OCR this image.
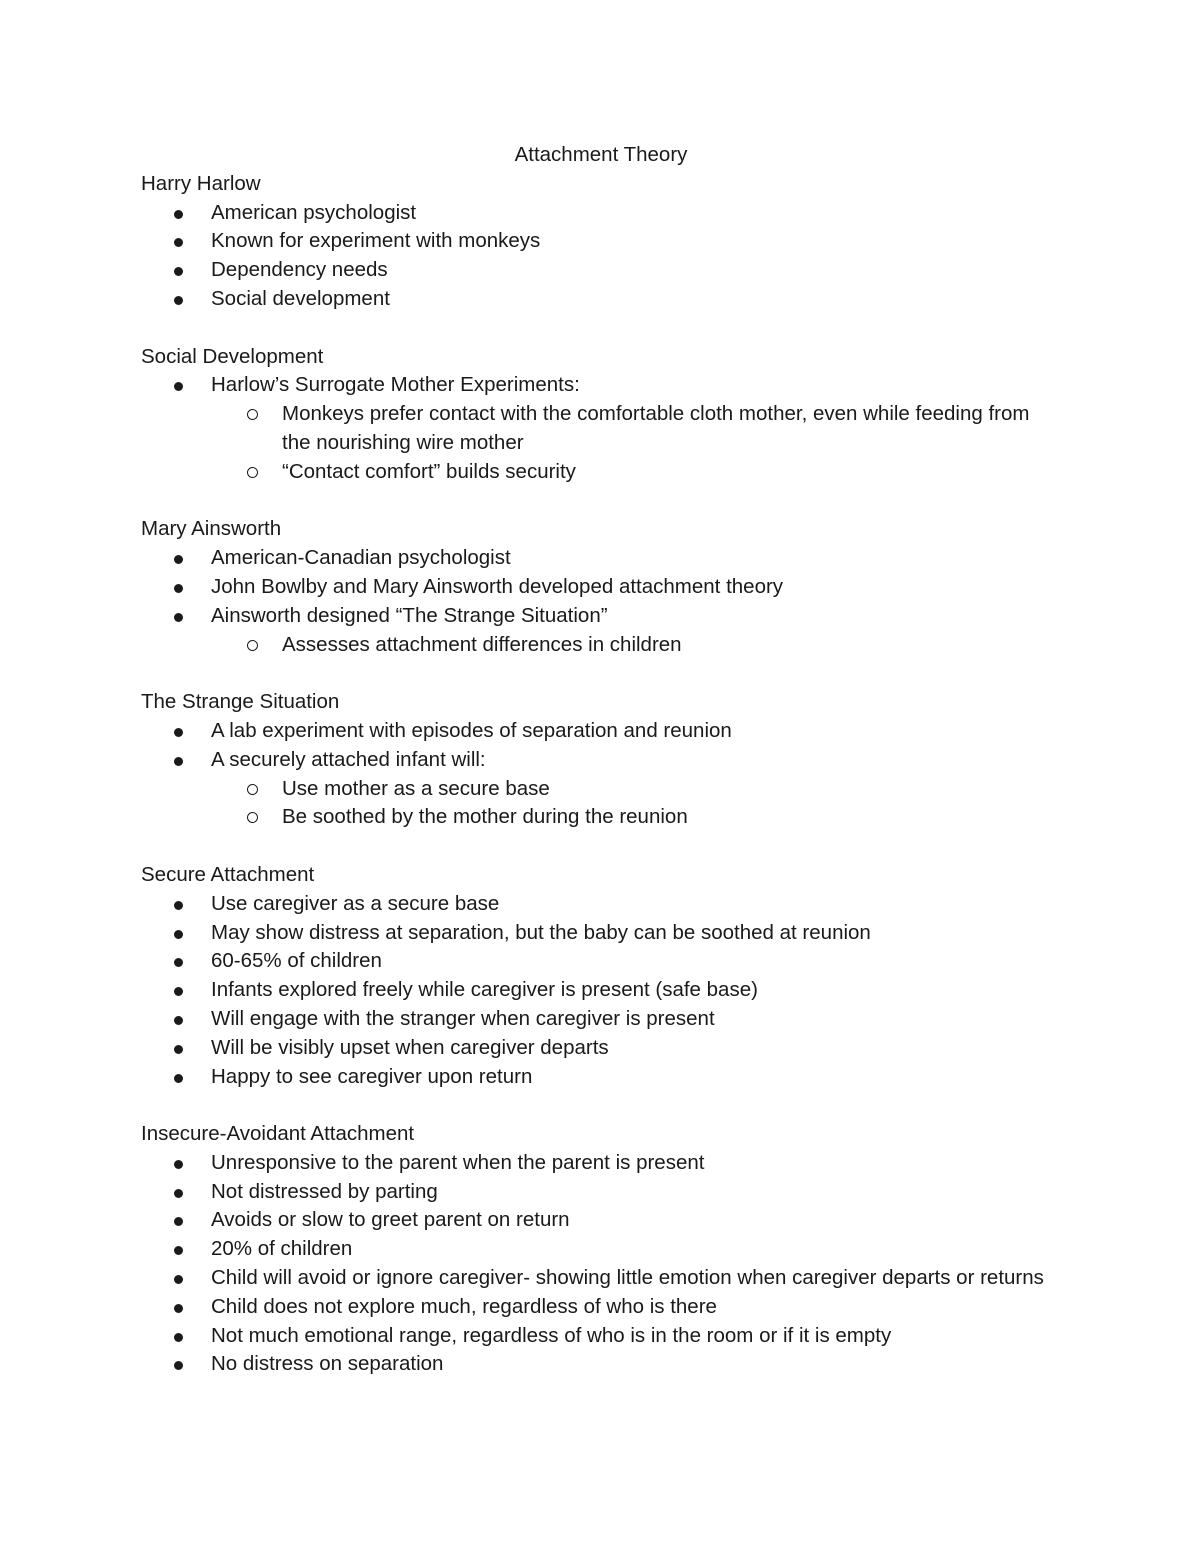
Attachment Theory
Harry Harlow
American psychologist
Known for experiment with monkeys
Dependency needs
Social development
Social Development
Harlow’s Surrogate Mother Experiments:
Monkeys prefer contact with the comfortable cloth mother, even while feeding from the nourishing wire mother
“Contact comfort” builds security
Mary Ainsworth
American-Canadian psychologist
John Bowlby and Mary Ainsworth developed attachment theory
Ainsworth designed “The Strange Situation”
Assesses attachment differences in children
The Strange Situation
A lab experiment with episodes of separation and reunion
A securely attached infant will:
Use mother as a secure base
Be soothed by the mother during the reunion
Secure Attachment
Use caregiver as a secure base
May show distress at separation, but the baby can be soothed at reunion
60-65% of children
Infants explored freely while caregiver is present (safe base)
Will engage with the stranger when caregiver is present
Will be visibly upset when caregiver departs
Happy to see caregiver upon return
Insecure-Avoidant Attachment
Unresponsive to the parent when the parent is present
Not distressed by parting
Avoids or slow to greet parent on return
20% of children
Child will avoid or ignore caregiver- showing little emotion when caregiver departs or returns
Child does not explore much, regardless of who is there
Not much emotional range, regardless of who is in the room or if it is empty
No distress on separation
